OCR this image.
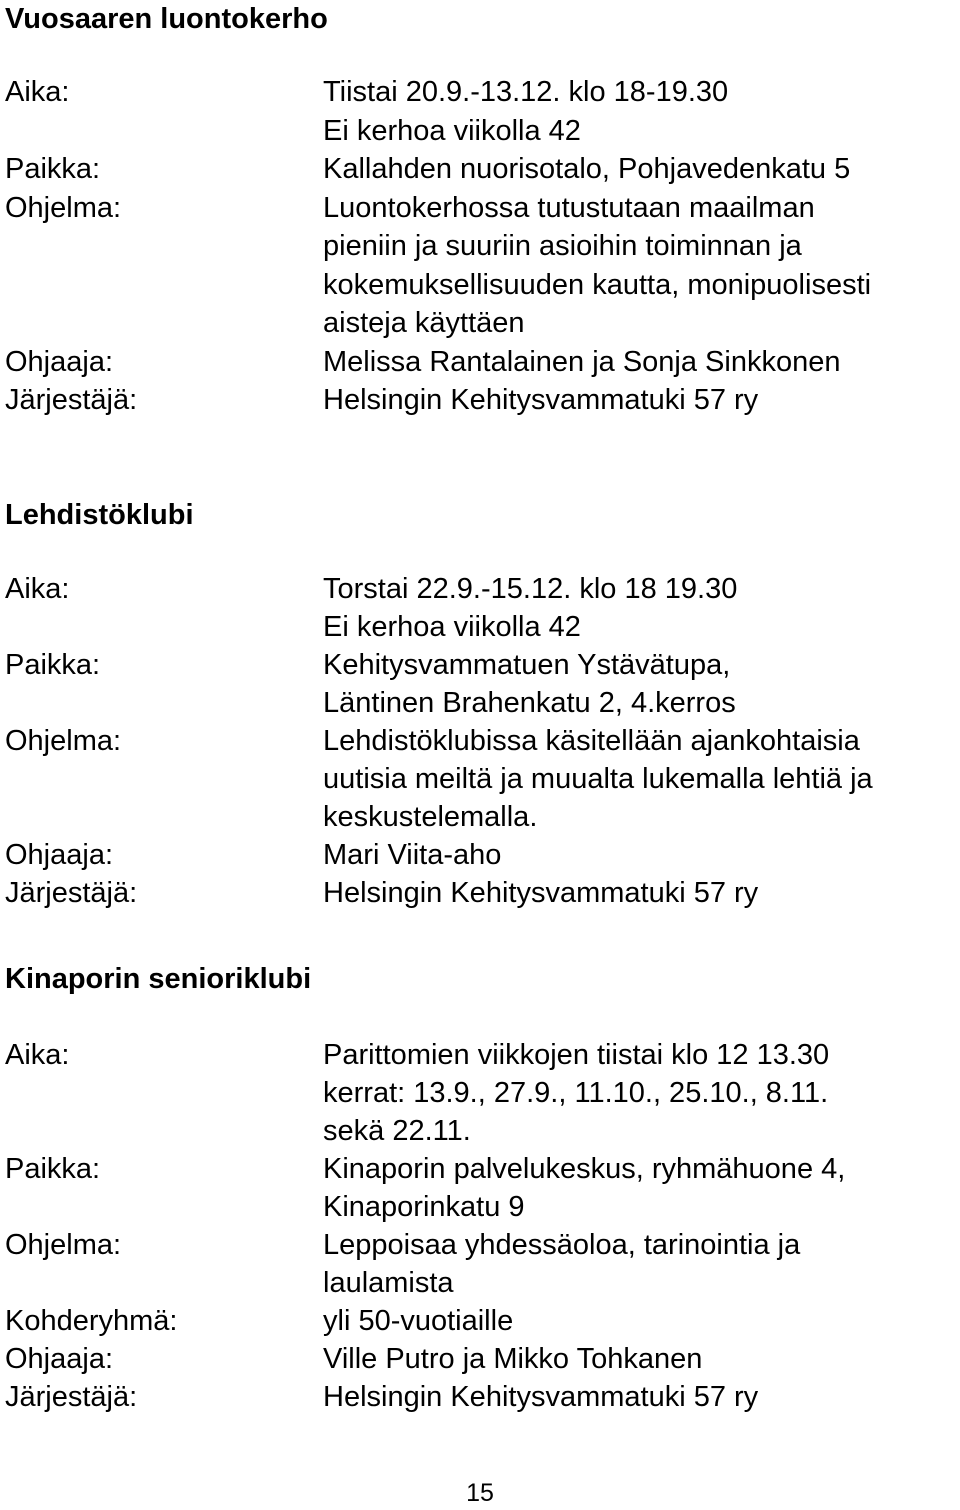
Vuosaaren luontokerho
Aika:	Tiistai 20.9.-13.12. klo 18-19.30
Ei kerhoa viikolla 42
Paikka:	Kallahden nuorisotalo, Pohjavedenkatu 5
Ohjelma:	Luontokerhossa tutustutaan maailman
pieniin ja suuriin asioihin toiminnan ja
kokemuksellisuuden kautta, monipuolisesti
aisteja käyttäen
Ohjaaja:	Melissa Rantalainen ja Sonja Sinkkonen
Järjestäjä:	Helsingin Kehitysvammatuki 57 ry
Lehdistöklubi
Aika:	Torstai 22.9.-15.12. klo 18 19.30
Ei kerhoa viikolla 42
Paikka:	Kehitysvammatuen Ystävätupa,
Läntinen Brahenkatu 2, 4.kerros
Ohjelma:	Lehdistöklubissa käsitellään ajankohtaisia
uutisia meiltä ja muualta lukemalla lehtiä ja
keskustelemalla.
Ohjaaja:	Mari Viita-aho
Järjestäjä:	Helsingin Kehitysvammatuki 57 ry
Kinaporin senioriklubi
Aika:	Parittomien viikkojen tiistai klo 12 13.30
kerrat: 13.9., 27.9., 11.10., 25.10., 8.11.
sekä 22.11.
Paikka:	Kinaporin palvelukeskus, ryhmähuone 4,
Kinaporinkatu 9
Ohjelma:	Leppoisaa yhdessäoloa, tarinointia ja
laulamista
Kohderyhmä:	yli 50-vuotiaille
Ohjaaja:	Ville Putro ja Mikko Tohkanen
Järjestäjä:	Helsingin Kehitysvammatuki 57 ry
15
